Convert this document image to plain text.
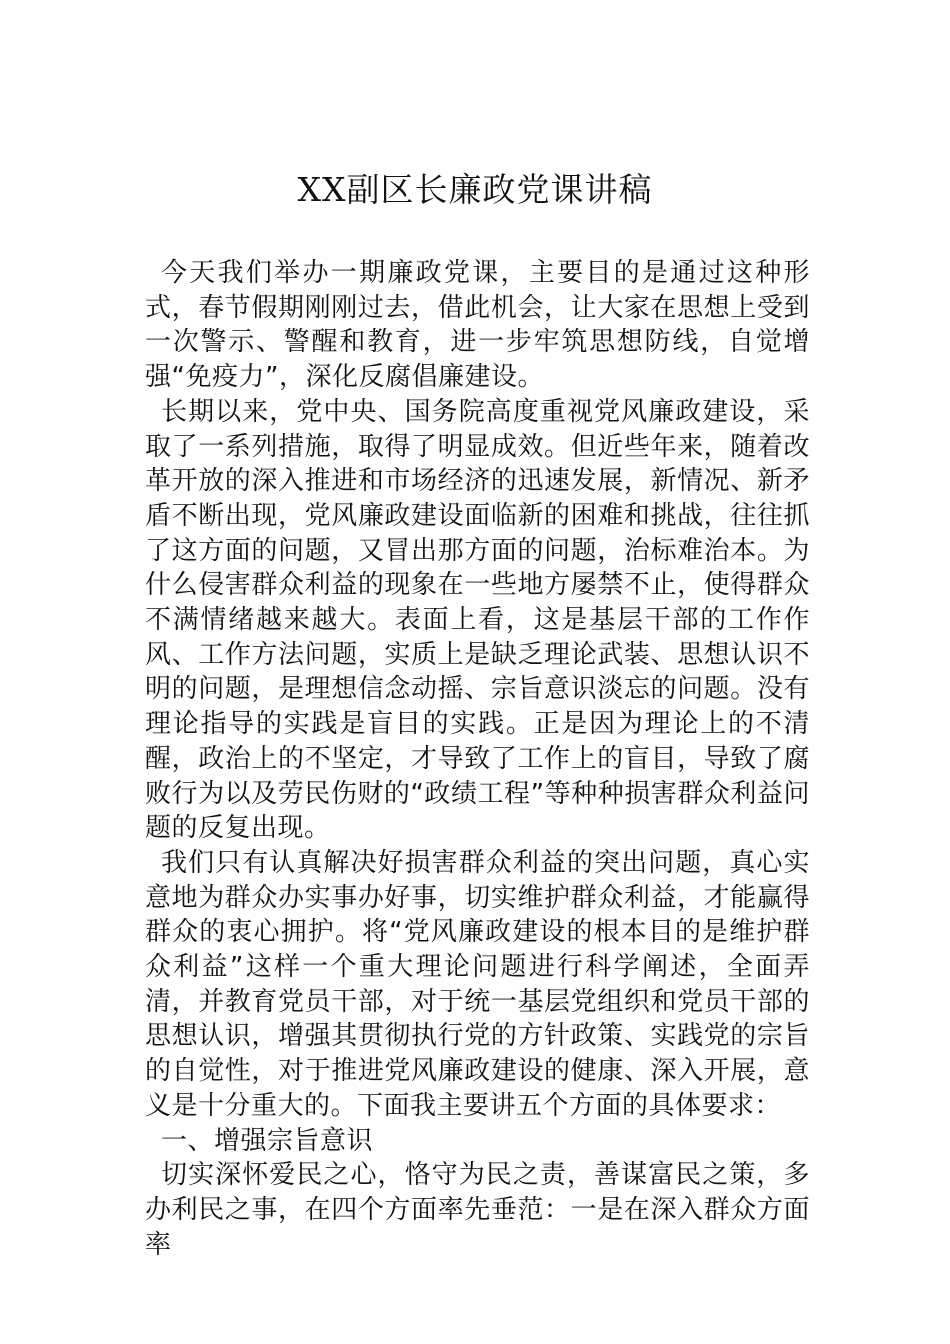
XX副区长廉政党课讲稿

今天我们举办一期廉政党课，主要目的是通过这种形式，春节假期刚刚过去，借此机会，让大家在思想上受到一次警示、警醒和教育，进一步牢筑思想防线，自觉增强“免疫力”，深化反腐倡廉建设。

长期以来，党中央、国务院高度重视党风廉政建设，采取了一系列措施，取得了明显成效。但近些年来，随着改革开放的深入推进和市场经济的迅速发展，新情况、新矛盾不断出现，党风廉政建设面临新的困难和挑战，往往抓了这方面的问题，又冒出那方面的问题，治标难治本。为什么侵害群众利益的现象在一些地方屡禁不止，使得群众不满情绪越来越大。表面上看，这是基层干部的工作作风、工作方法问题，实质上是缺乏理论武装、思想认识不明的问题，是理想信念动摇、宗旨意识淡忘的问题。没有理论指导的实践是盲目的实践。正是因为理论上的不清醒，政治上的不坚定，才导致了工作上的盲目，导致了腐败行为以及劳民伤财的“政绩工程”等种种损害群众利益问题的反复出现。

我们只有认真解决好损害群众利益的突出问题，真心实意地为群众办实事办好事，切实维护群众利益，才能赢得群众的衷心拥护。将“党风廉政建设的根本目的是维护群众利益”这样一个重大理论问题进行科学阐述，全面弄清，并教育党员干部，对于统一基层党组织和党员干部的思想认识，增强其贯彻执行党的方针政策、实践党的宗旨的自觉性，对于推进党风廉政建设的健康、深入开展，意义是十分重大的。下面我主要讲五个方面的具体要求：

一、增强宗旨意识

切实深怀爱民之心，恪守为民之责，善谋富民之策，多办利民之事，在四个方面率先垂范：一是在深入群众方面率
